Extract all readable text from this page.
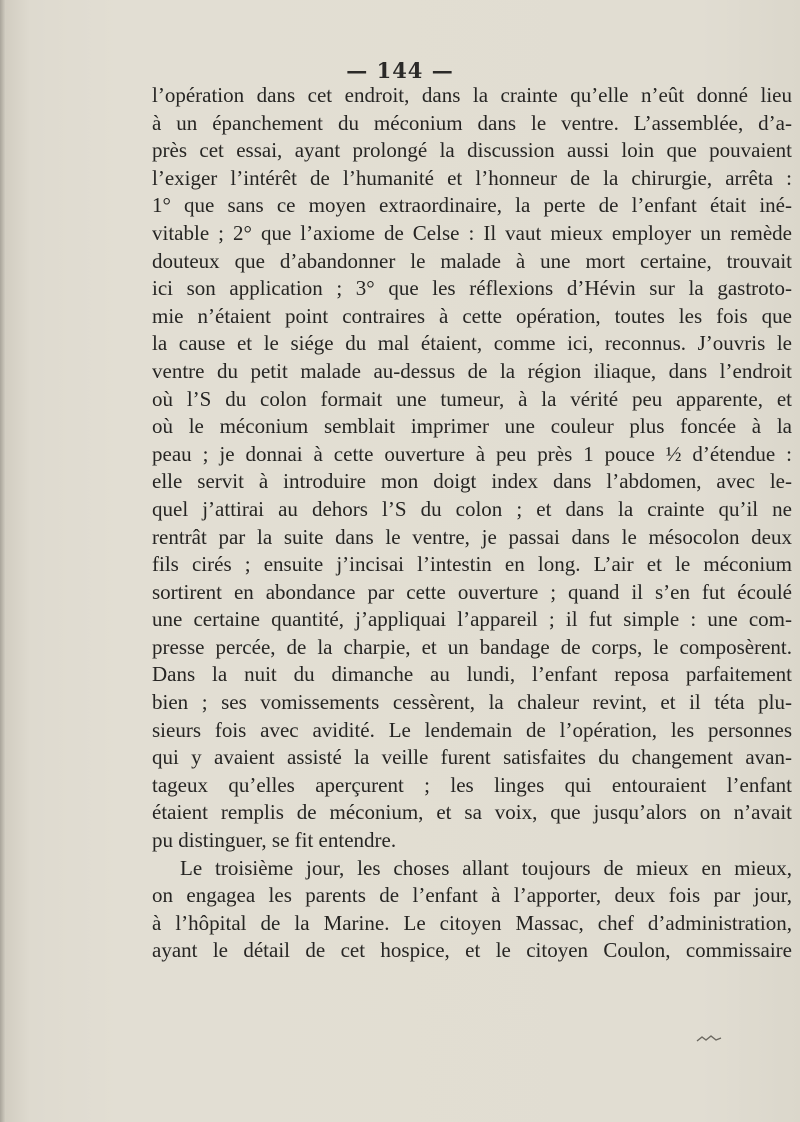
— 144 —
l’opération dans cet endroit, dans la crainte qu’elle n’eût donné lieu
à un épanchement du méconium dans le ventre. L’assemblée, d’a-
près cet essai, ayant prolongé la discussion aussi loin que pouvaient
l’exiger l’intérêt de l’humanité et l’honneur de la chirurgie, arrêta :
1° que sans ce moyen extraordinaire, la perte de l’enfant était iné-
vitable ; 2° que l’axiome de Celse : Il vaut mieux employer un remède
douteux que d’abandonner le malade à une mort certaine, trouvait
ici son application ; 3° que les réflexions d’Hévin sur la gastroto-
mie n’étaient point contraires à cette opération, toutes les fois que
la cause et le siége du mal étaient, comme ici, reconnus. J’ouvris le
ventre du petit malade au-dessus de la région iliaque, dans l’endroit
où l’S du colon formait une tumeur, à la vérité peu apparente, et
où le méconium semblait imprimer une couleur plus foncée à la
peau ; je donnai à cette ouverture à peu près 1 pouce ½ d’étendue :
elle servit à introduire mon doigt index dans l’abdomen, avec le-
quel j’attirai au dehors l’S du colon ; et dans la crainte qu’il ne
rentrât par la suite dans le ventre, je passai dans le mésocolon deux
fils cirés ; ensuite j’incisai l’intestin en long. L’air et le méconium
sortirent en abondance par cette ouverture ; quand il s’en fut écoulé
une certaine quantité, j’appliquai l’appareil ; il fut simple : une com-
presse percée, de la charpie, et un bandage de corps, le composèrent.
Dans la nuit du dimanche au lundi, l’enfant reposa parfaitement
bien ; ses vomissements cessèrent, la chaleur revint, et il téta plu-
sieurs fois avec avidité. Le lendemain de l’opération, les personnes
qui y avaient assisté la veille furent satisfaites du changement avan-
tageux qu’elles aperçurent ; les linges qui entouraient l’enfant
étaient remplis de méconium, et sa voix, que jusqu’alors on n’avait
pu distinguer, se fit entendre.
Le troisième jour, les choses allant toujours de mieux en mieux,
on engagea les parents de l’enfant à l’apporter, deux fois par jour,
à l’hôpital de la Marine. Le citoyen Massac, chef d’administration,
ayant le détail de cet hospice, et le citoyen Coulon, commissaire
